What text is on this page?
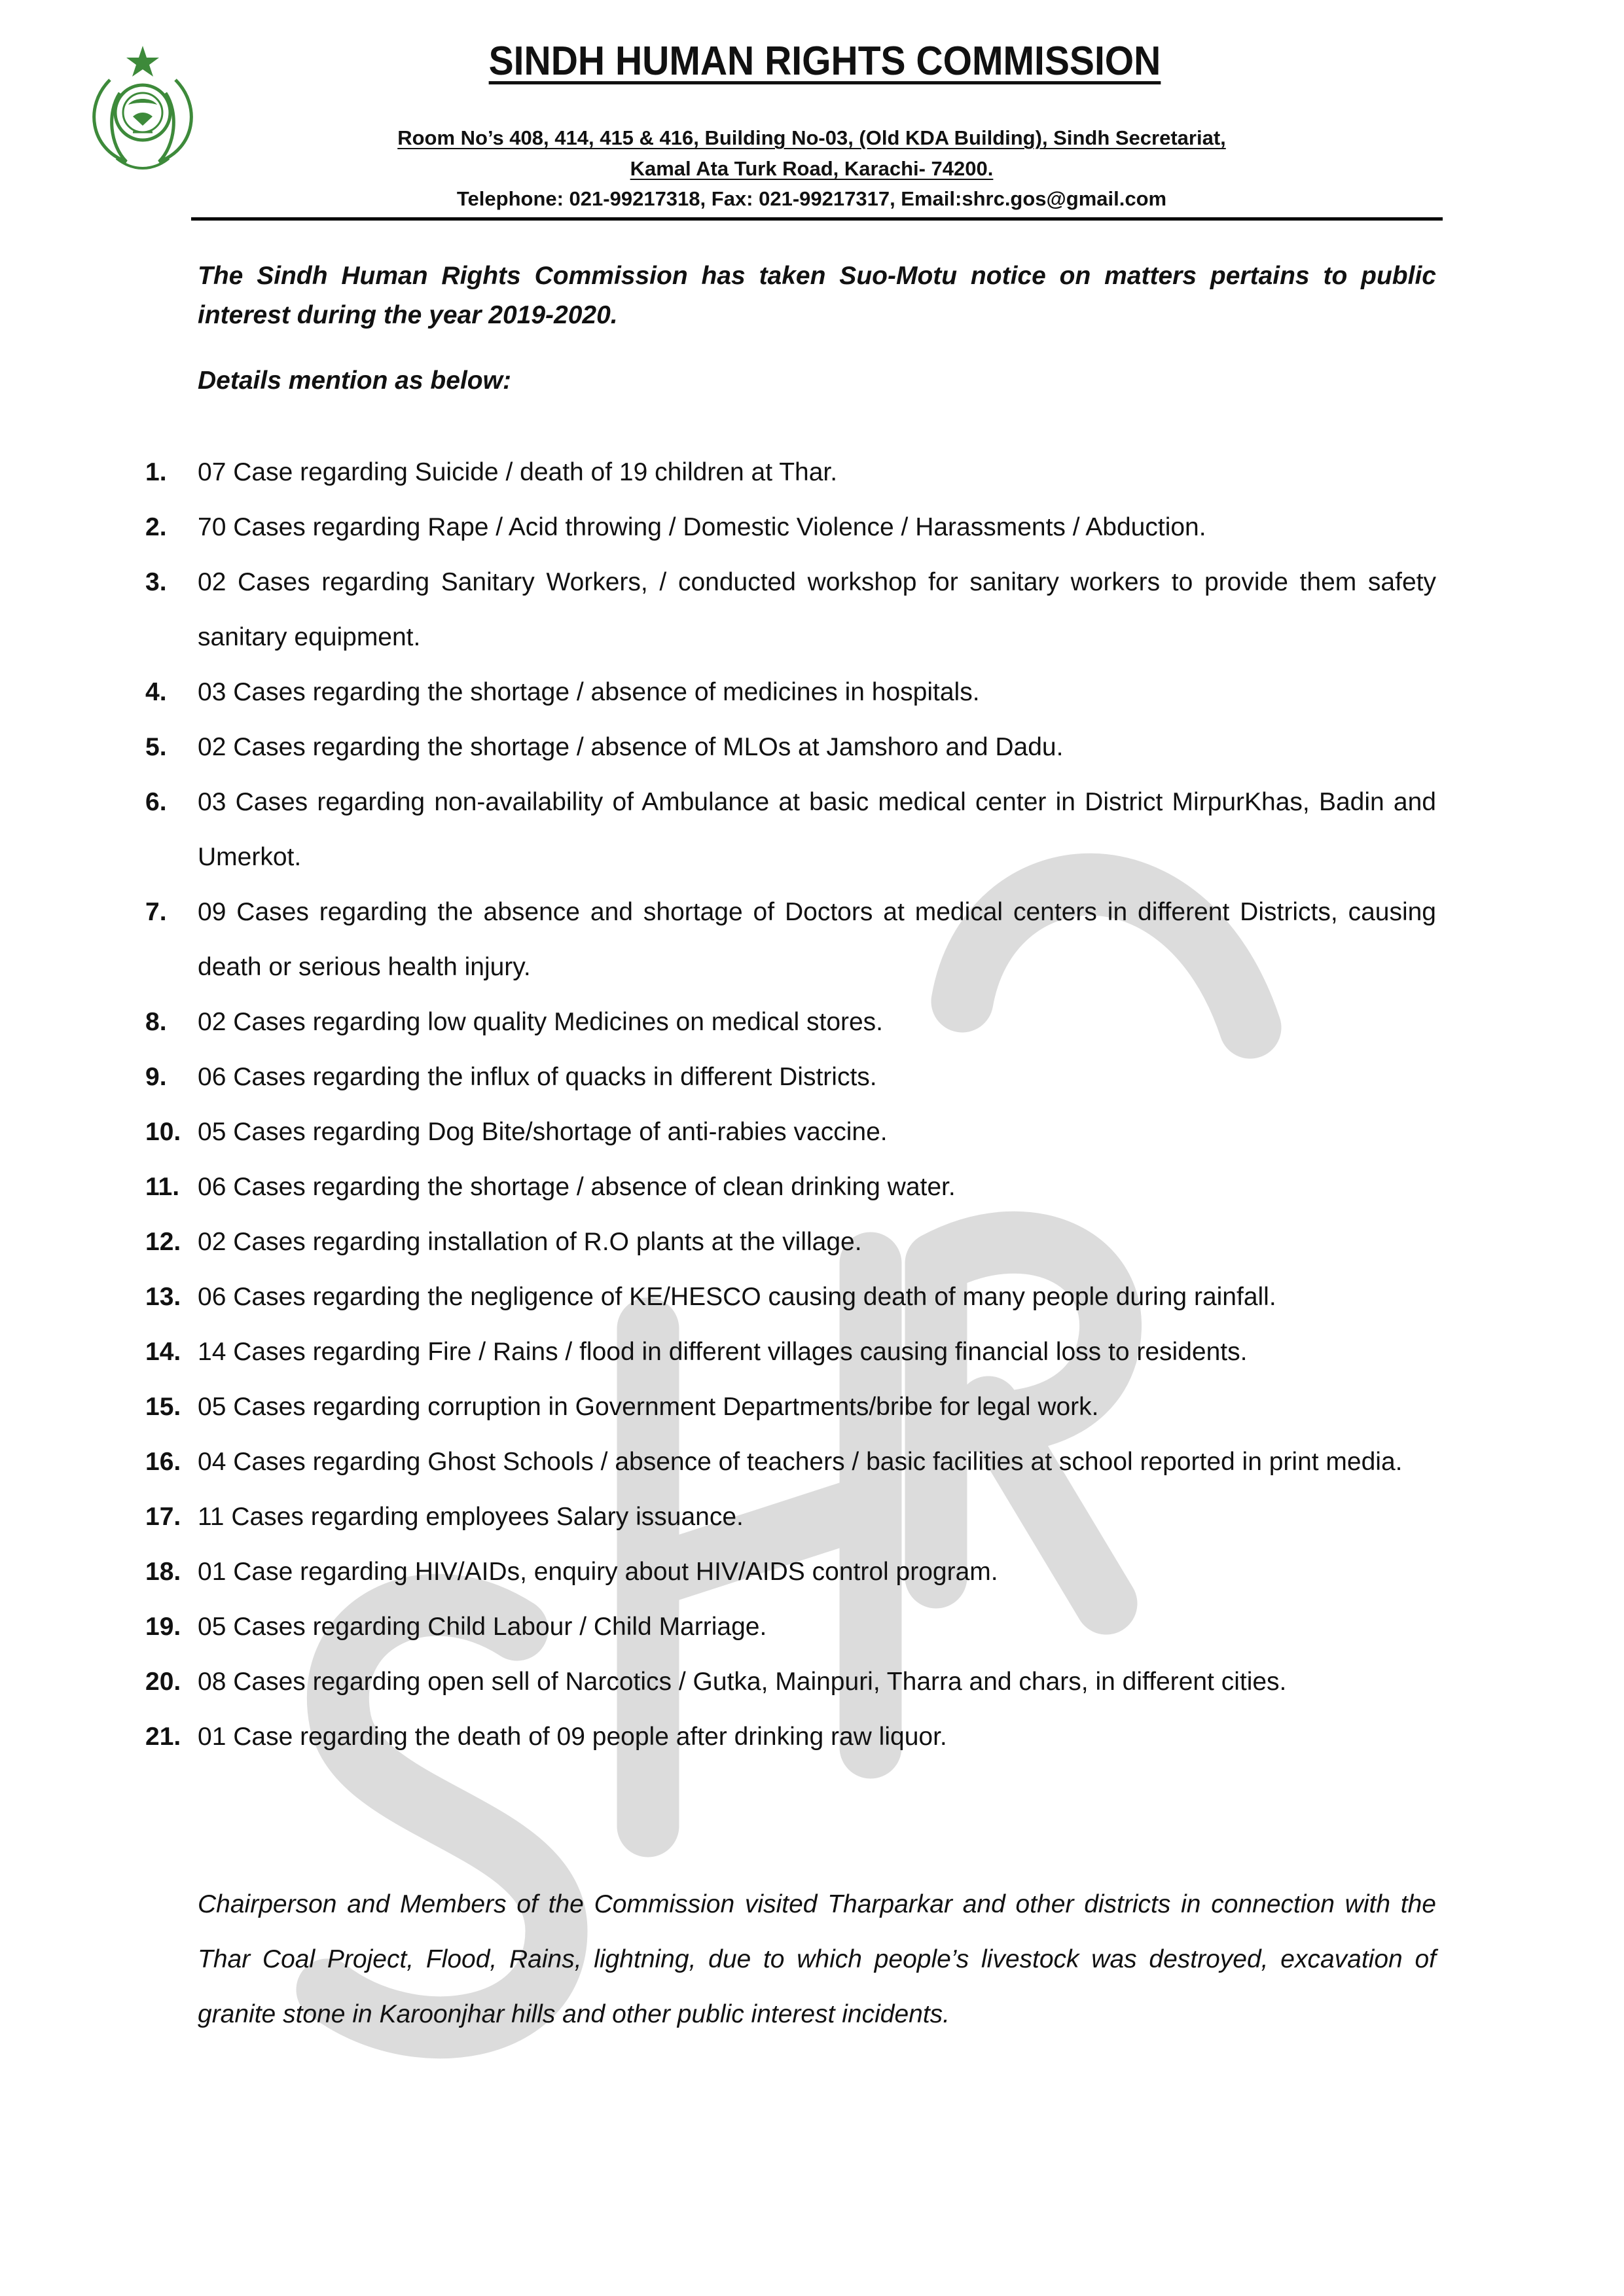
SINDH HUMAN RIGHTS COMMISSION
Room No’s 408, 414, 415 & 416, Building No-03, (Old KDA Building), Sindh Secretariat,
Kamal Ata Turk Road, Karachi- 74200.
Telephone: 021-99217318, Fax: 021-99217317, Email:shrc.gos@gmail.com
The Sindh Human Rights Commission has taken Suo-Motu notice on matters pertains to public interest during the year 2019-2020.
Details mention as below:
1.	07 Case regarding Suicide / death of 19 children at Thar.
2.	70 Cases regarding Rape / Acid throwing / Domestic Violence / Harassments / Abduction.
3.	02 Cases regarding Sanitary Workers, / conducted workshop for sanitary workers to provide them safety sanitary equipment.
4.	03 Cases regarding the shortage / absence of medicines in hospitals.
5.	02 Cases regarding the shortage / absence of MLOs at Jamshoro and Dadu.
6.	03 Cases regarding non-availability of Ambulance at basic medical center in District MirpurKhas, Badin and Umerkot.
7.	09 Cases regarding the absence and shortage of Doctors at medical centers in different Districts, causing death or serious health injury.
8.	02 Cases regarding low quality Medicines on medical stores.
9.	06 Cases regarding the influx of quacks in different Districts.
10. 05 Cases regarding Dog Bite/shortage of anti-rabies vaccine.
11. 06 Cases regarding the shortage / absence of clean drinking water.
12. 02 Cases regarding installation of R.O plants at the village.
13. 06 Cases regarding the negligence of KE/HESCO causing death of many people during rainfall.
14. 14 Cases regarding Fire / Rains / flood in different villages causing financial loss to residents.
15. 05 Cases regarding corruption in Government Departments/bribe for legal work.
16. 04 Cases regarding Ghost Schools / absence of teachers / basic facilities at school reported in print media.
17. 11 Cases regarding employees Salary issuance.
18. 01 Case regarding HIV/AIDs, enquiry about HIV/AIDS control program.
19. 05 Cases regarding Child Labour / Child Marriage.
20. 08 Cases regarding open sell of Narcotics / Gutka, Mainpuri, Tharra and chars, in different cities.
21. 01 Case regarding the death of 09 people after drinking raw liquor.
Chairperson and Members of the Commission visited Tharparkar and other districts in connection with the Thar Coal Project, Flood, Rains, lightning, due to which people’s livestock was destroyed, excavation of granite stone in Karoonjhar hills and other public interest incidents.
